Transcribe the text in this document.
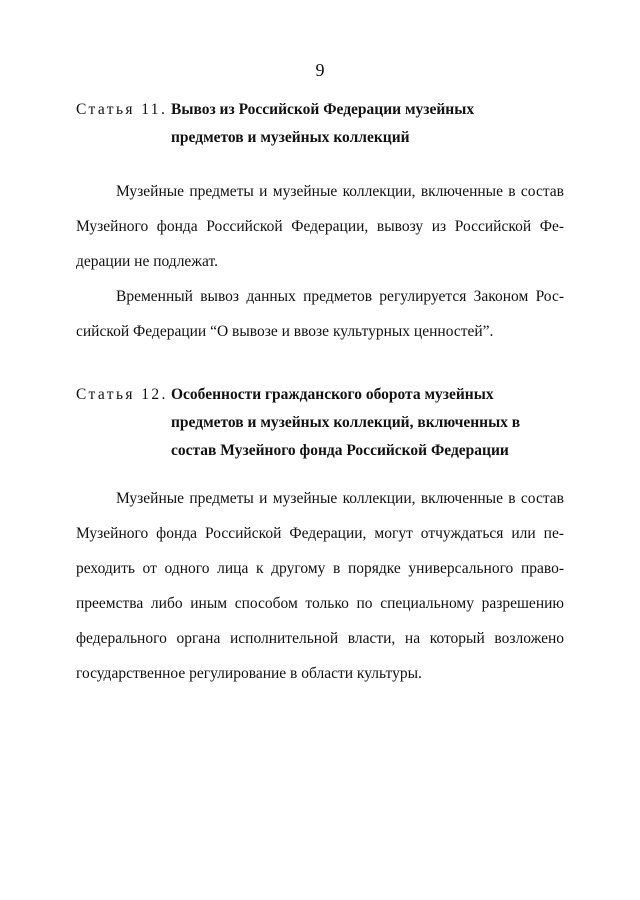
9
Статья 11. Вывоз из Российской Федерации музейных
предметов и музейных коллекций
Музейные предметы и музейные коллекции, включенные в состав
Музейного фонда Российской Федерации, вывозу из Российской Фе-
дерации не подлежат.
Временный вывоз данных предметов регулируется Законом Рос-
сийской Федерации “О вывозе и ввозе культурных ценностей”.
Статья 12. Особенности гражданского оборота музейных
предметов и музейных коллекций, включенных в
состав Музейного фонда Российской Федерации
Музейные предметы и музейные коллекции, включенные в состав
Музейного фонда Российской Федерации, могут отчуждаться или пе-
реходить от одного лица к другому в порядке универсального право-
преемства либо иным способом только по специальному разрешению
федерального органа исполнительной власти, на который возложено
государственное регулирование в области культуры.
